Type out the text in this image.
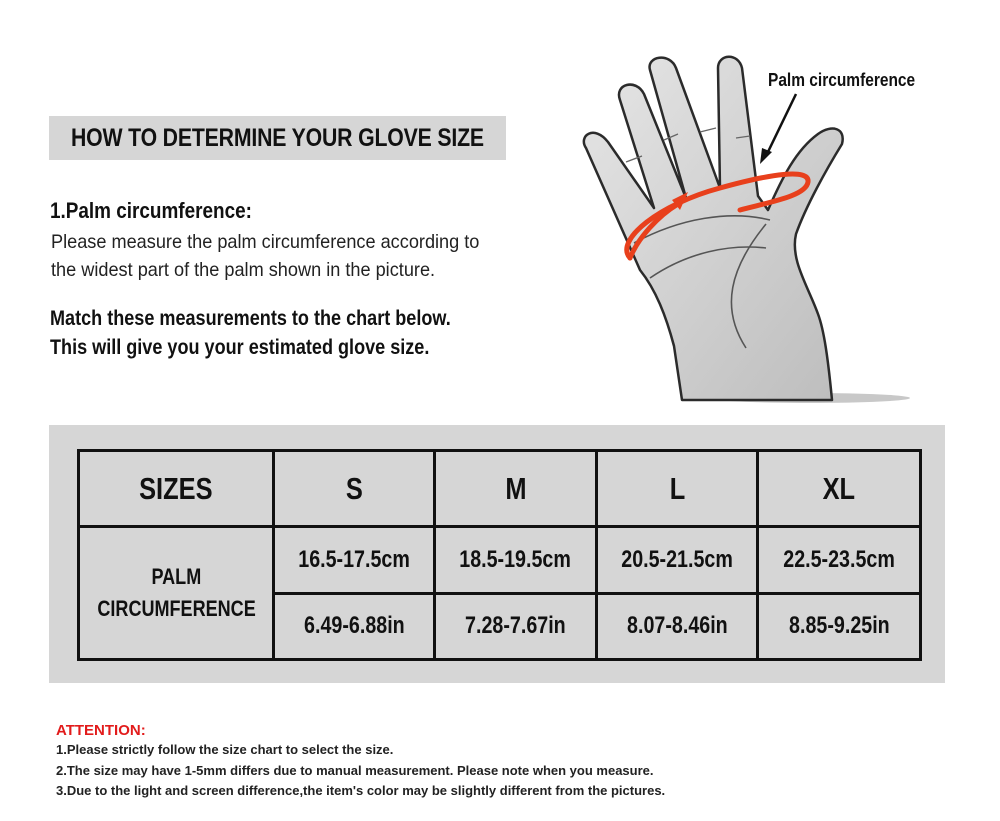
HOW TO DETERMINE YOUR GLOVE SIZE
1.Palm circumference:
Please measure the palm circumference according to
the widest part of the palm shown in the picture.
Match these measurements to the chart below.
This will give you your estimated glove size.
Palm circumference
SIZES	S	M	L	XL
PALM
CIRCUMFERENCE	16.5-17.5cm	18.5-19.5cm	20.5-21.5cm	22.5-23.5cm
	6.49-6.88in	7.28-7.67in	8.07-8.46in	8.85-9.25in
ATTENTION:
1.Please strictly follow the size chart to select the size.
2.The size may have 1-5mm differs due to manual measurement. Please note when you measure.
3.Due to the light and screen difference,the item's color may be slightly different from the pictures.
